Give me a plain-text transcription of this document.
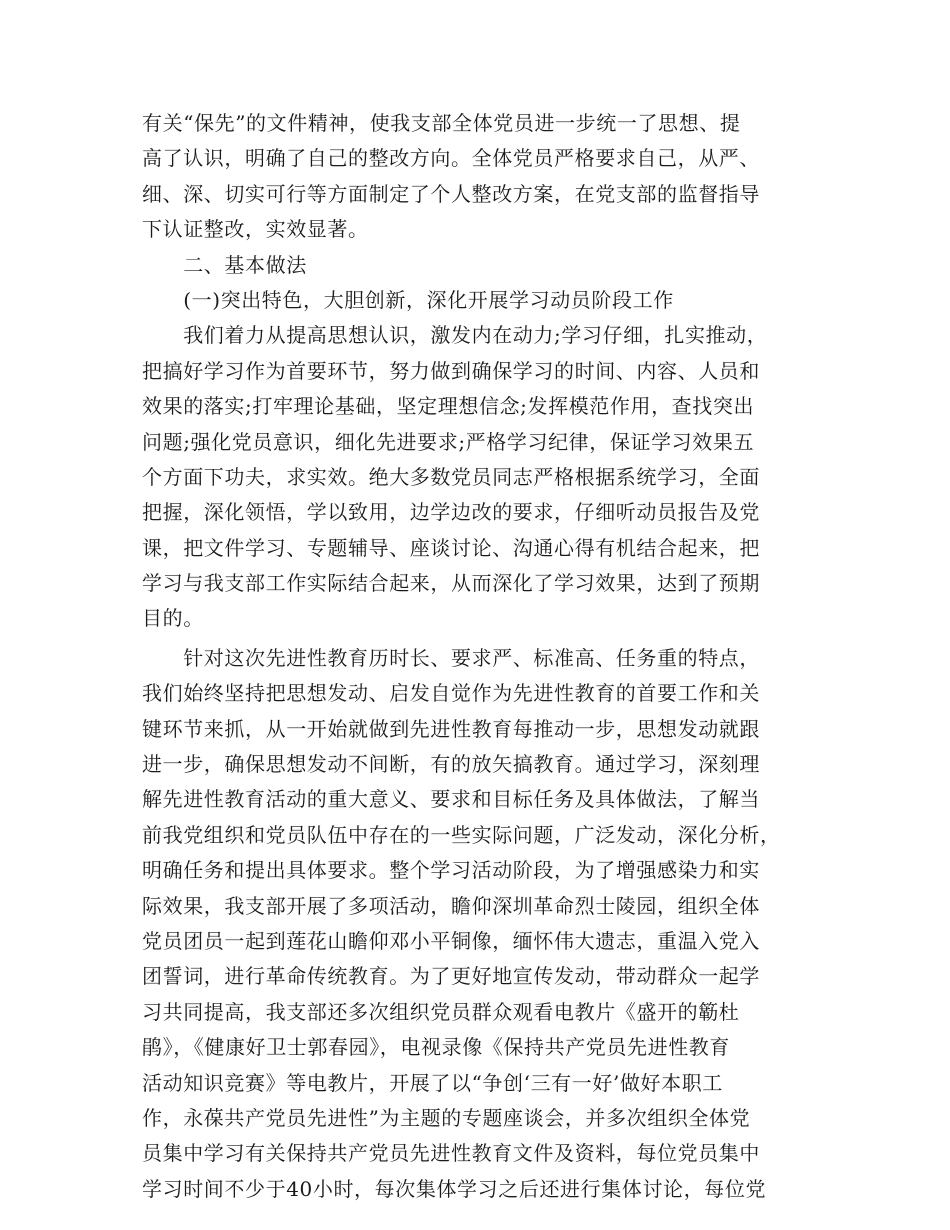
有关“保先”的文件精神，使我支部全体党员进一步统一了思想、提
高了认识，明确了自己的整改方向。全体党员严格要求自己，从严、
细、深、切实可行等方面制定了个人整改方案，在党支部的监督指导
下认证整改，实效显著。
　　二、基本做法
　　(一)突出特色，大胆创新，深化开展学习动员阶段工作
　　我们着力从提高思想认识，激发内在动力;学习仔细，扎实推动，
把搞好学习作为首要环节，努力做到确保学习的时间、内容、人员和
效果的落实;打牢理论基础，坚定理想信念;发挥模范作用，查找突出
问题;强化党员意识，细化先进要求;严格学习纪律，保证学习效果五
个方面下功夫，求实效。绝大多数党员同志严格根据系统学习，全面
把握，深化领悟，学以致用，边学边改的要求，仔细听动员报告及党
课，把文件学习、专题辅导、座谈讨论、沟通心得有机结合起来，把
学习与我支部工作实际结合起来，从而深化了学习效果，达到了预期
目的。
　　针对这次先进性教育历时长、要求严、标准高、任务重的特点，
我们始终坚持把思想发动、启发自觉作为先进性教育的首要工作和关
键环节来抓，从一开始就做到先进性教育每推动一步，思想发动就跟
进一步，确保思想发动不间断，有的放矢搞教育。通过学习，深刻理
解先进性教育活动的重大意义、要求和目标任务及具体做法，了解当
前我党组织和党员队伍中存在的一些实际问题，广泛发动，深化分析，
明确任务和提出具体要求。整个学习活动阶段，为了增强感染力和实
际效果，我支部开展了多项活动，瞻仰深圳革命烈士陵园，组织全体
党员团员一起到莲花山瞻仰邓小平铜像，缅怀伟大遗志，重温入党入
团誓词，进行革命传统教育。为了更好地宣传发动，带动群众一起学
习共同提高，我支部还多次组织党员群众观看电教片《盛开的簕杜
鹃》，《健康好卫士郭春园》，电视录像《保持共产党员先进性教育
活动知识竞赛》等电教片，开展了以“争创‘三有一好’做好本职工
作，永葆共产党员先进性”为主题的专题座谈会，并多次组织全体党
员集中学习有关保持共产党员先进性教育文件及资料，每位党员集中
学习时间不少于40小时，每次集体学习之后还进行集体讨论，每位党
